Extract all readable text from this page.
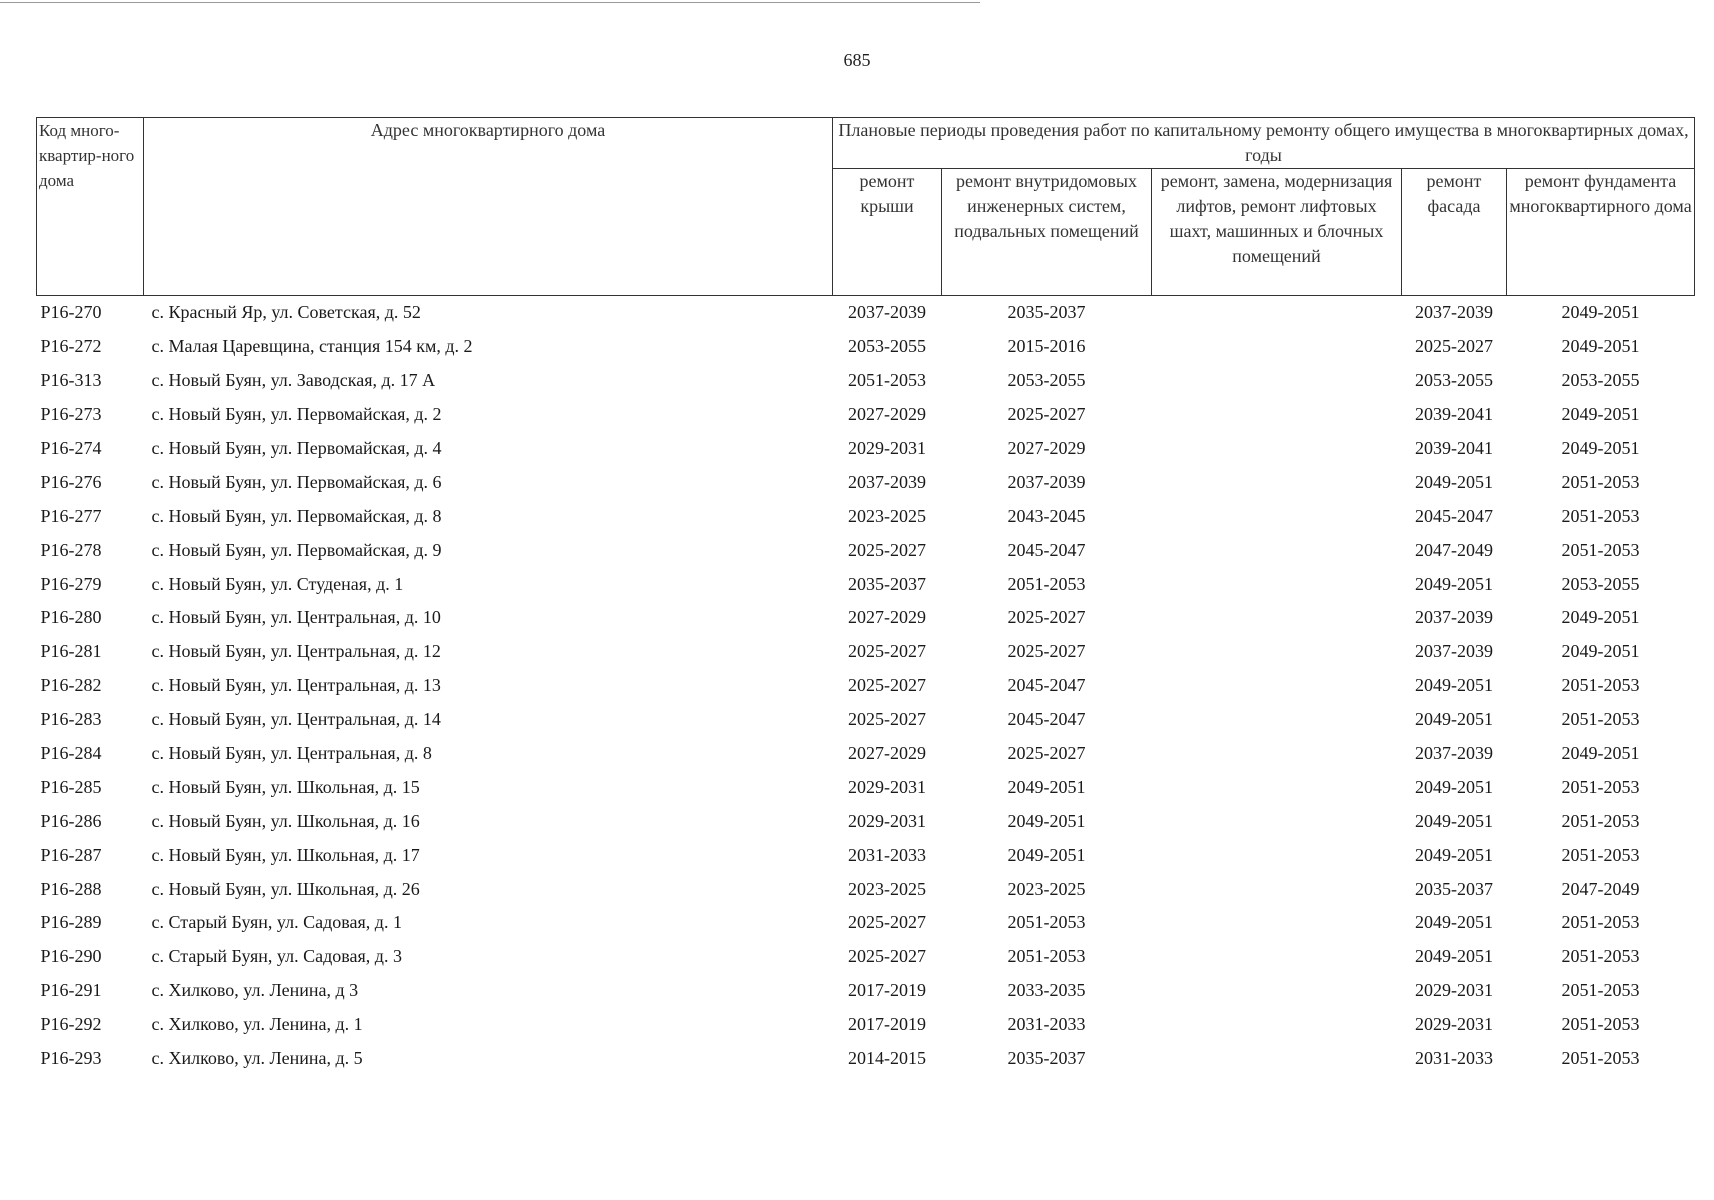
685
Код много-квартир-ного дома	Адрес многоквартирного дома	Плановые периоды проведения работ по капитальному ремонту общего имущества в многоквартирных домах, годы				
		ремонт крыши	ремонт внутридомовых инженерных систем, подвальных помещений	ремонт, замена, модернизация лифтов, ремонт лифтовых шахт, машинных и блочных помещений	ремонт фасада	ремонт фундамента многоквартирного дома
Р16-270	с. Красный Яр, ул. Советская, д. 52	2037-2039	2035-2037		2037-2039	2049-2051
Р16-272	с. Малая Царевщина, станция 154 км, д. 2	2053-2055	2015-2016		2025-2027	2049-2051
Р16-313	с. Новый Буян, ул. Заводская, д. 17 А	2051-2053	2053-2055		2053-2055	2053-2055
Р16-273	с. Новый Буян, ул. Первомайская, д. 2	2027-2029	2025-2027		2039-2041	2049-2051
Р16-274	с. Новый Буян, ул. Первомайская, д. 4	2029-2031	2027-2029		2039-2041	2049-2051
Р16-276	с. Новый Буян, ул. Первомайская, д. 6	2037-2039	2037-2039		2049-2051	2051-2053
Р16-277	с. Новый Буян, ул. Первомайская, д. 8	2023-2025	2043-2045		2045-2047	2051-2053
Р16-278	с. Новый Буян, ул. Первомайская, д. 9	2025-2027	2045-2047		2047-2049	2051-2053
Р16-279	с. Новый Буян, ул. Студеная, д. 1	2035-2037	2051-2053		2049-2051	2053-2055
Р16-280	с. Новый Буян, ул. Центральная, д. 10	2027-2029	2025-2027		2037-2039	2049-2051
Р16-281	с. Новый Буян, ул. Центральная, д. 12	2025-2027	2025-2027		2037-2039	2049-2051
Р16-282	с. Новый Буян, ул. Центральная, д. 13	2025-2027	2045-2047		2049-2051	2051-2053
Р16-283	с. Новый Буян, ул. Центральная, д. 14	2025-2027	2045-2047		2049-2051	2051-2053
Р16-284	с. Новый Буян, ул. Центральная, д. 8	2027-2029	2025-2027		2037-2039	2049-2051
Р16-285	с. Новый Буян, ул. Школьная, д. 15	2029-2031	2049-2051		2049-2051	2051-2053
Р16-286	с. Новый Буян, ул. Школьная, д. 16	2029-2031	2049-2051		2049-2051	2051-2053
Р16-287	с. Новый Буян, ул. Школьная, д. 17	2031-2033	2049-2051		2049-2051	2051-2053
Р16-288	с. Новый Буян, ул. Школьная, д. 26	2023-2025	2023-2025		2035-2037	2047-2049
Р16-289	с. Старый Буян, ул. Садовая, д. 1	2025-2027	2051-2053		2049-2051	2051-2053
Р16-290	с. Старый Буян, ул. Садовая, д. 3	2025-2027	2051-2053		2049-2051	2051-2053
Р16-291	с. Хилково, ул. Ленина, д 3	2017-2019	2033-2035		2029-2031	2051-2053
Р16-292	с. Хилково, ул. Ленина, д. 1	2017-2019	2031-2033		2029-2031	2051-2053
Р16-293	с. Хилково, ул. Ленина, д. 5	2014-2015	2035-2037		2031-2033	2051-2053
